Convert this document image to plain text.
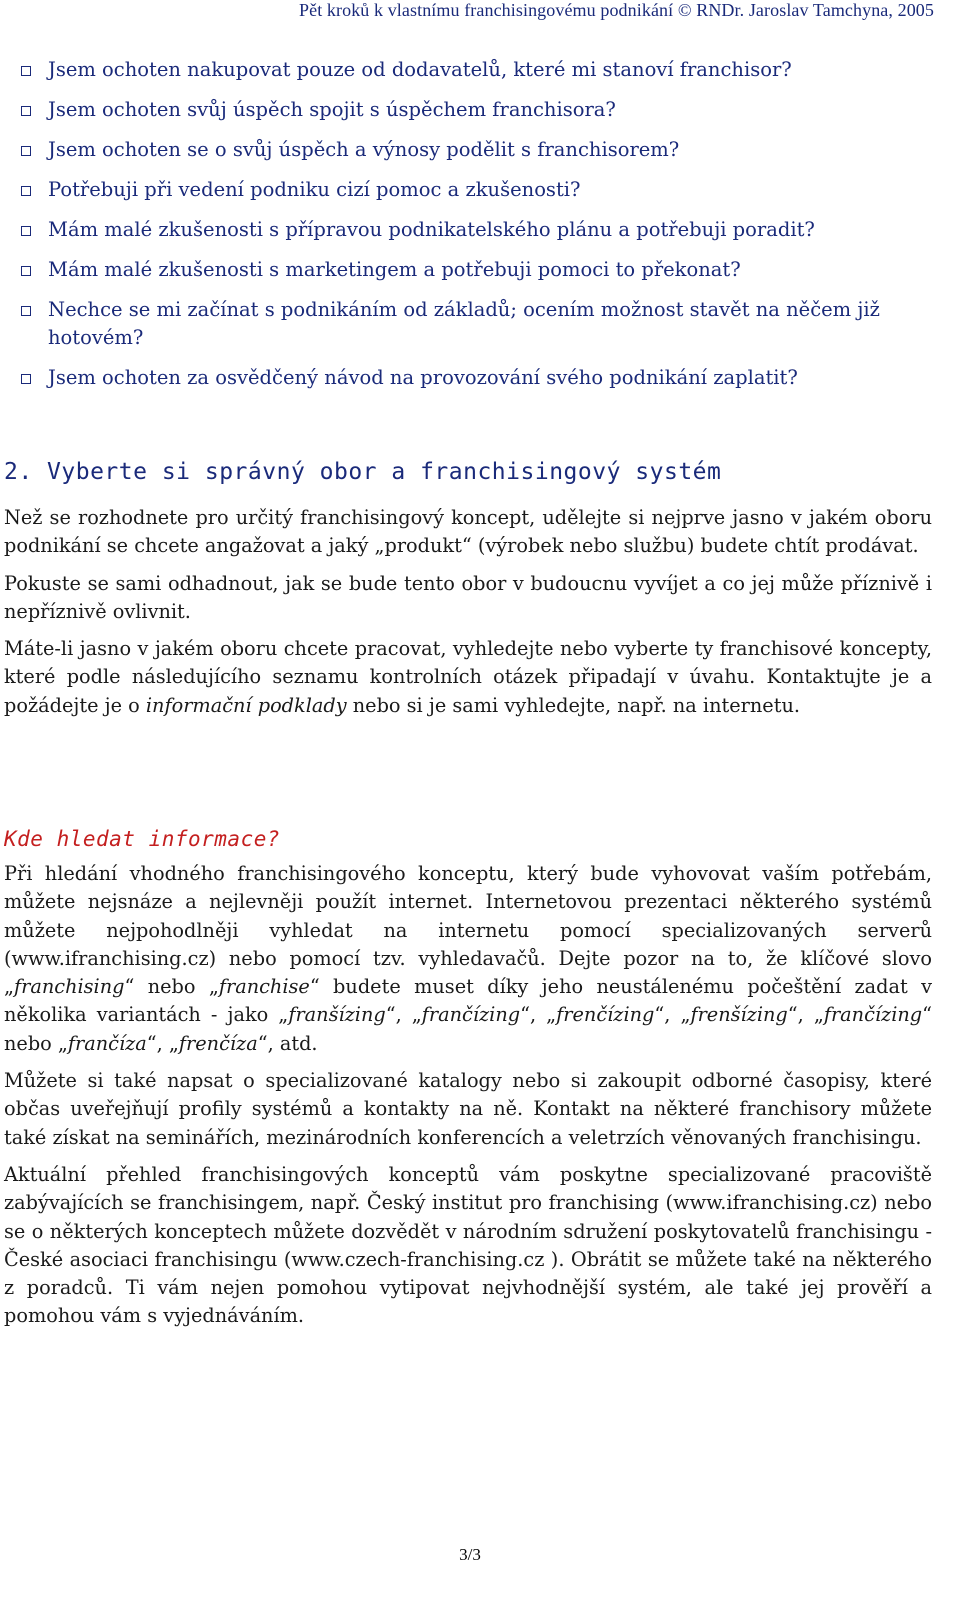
Pět kroků k vlastnímu franchisingovému podnikání © RNDr. Jaroslav Tamchyna, 2005
Jsem ochoten nakupovat pouze od dodavatelů, které mi stanoví franchisor?
Jsem ochoten svůj úspěch spojit s úspěchem franchisora?
Jsem ochoten se o svůj úspěch a výnosy podělit s franchisorem?
Potřebuji při vedení podniku cizí pomoc a zkušenosti?
Mám malé zkušenosti s přípravou podnikatelského plánu a potřebuji poradit?
Mám malé zkušenosti s marketingem a potřebuji pomoci to překonat?
Nechce se mi začínat s podnikáním od základů; ocením možnost stavět na něčem již hotovém?
Jsem ochoten za osvědčený návod na provozování svého podnikání zaplatit?
2. Vyberte si správný obor a franchisingový systém

Než se rozhodnete pro určitý franchisingový koncept, udělejte si nejprve jasno v jakém oboru podnikání se chcete angažovat a jaký „produkt“ (výrobek nebo službu) budete chtít prodávat.

Pokuste se sami odhadnout, jak se bude tento obor v budoucnu vyvíjet a co jej může příznivě i nepříznivě ovlivnit.

Máte-li jasno v jakém oboru chcete pracovat, vyhledejte nebo vyberte ty franchisové koncepty, které podle následujícího seznamu kontrolních otázek připadají v úvahu. Kontaktujte je a požádejte je o informační podklady nebo si je sami vyhledejte, např. na internetu.

Kde hledat informace?

Při hledání vhodného franchisingového konceptu, který bude vyhovovat vaším potřebám, můžete nejsnáze a nejlevněji použít internet. Internetovou prezentaci některého systémů můžete nejpohodlněji vyhledat na internetu pomocí specializovaných serverů (www.ifranchising.cz) nebo pomocí tzv. vyhledavačů. Dejte pozor na to, že klíčové slovo „franchising“ nebo „franchise“ budete muset díky jeho neustálenému počeštění zadat v několika variantách - jako „franšízing“, „frančízing“, „frenčízing“, „frenšízing“, „frančízing“ nebo „frančíza“, „frenčíza“, atd.

Můžete si také napsat o specializované katalogy nebo si zakoupit odborné časopisy, které občas uveřejňují profily systémů a kontakty na ně. Kontakt na některé franchisory můžete také získat na seminářích, mezinárodních konferencích a veletrzích věnovaných franchisingu.

Aktuální přehled franchisingových konceptů vám poskytne specializované pracoviště zabývajících se franchisingem, např. Český institut pro franchising (www.ifranchising.cz) nebo se o některých konceptech můžete dozvědět v národním sdružení poskytovatelů franchisingu - České asociaci franchisingu (www.czech-franchising.cz ). Obrátit se můžete také na některého z poradců. Ti vám nejen pomohou vytipovat nejvhodnější systém, ale také jej prověří a pomohou vám s vyjednáváním.

3/3
